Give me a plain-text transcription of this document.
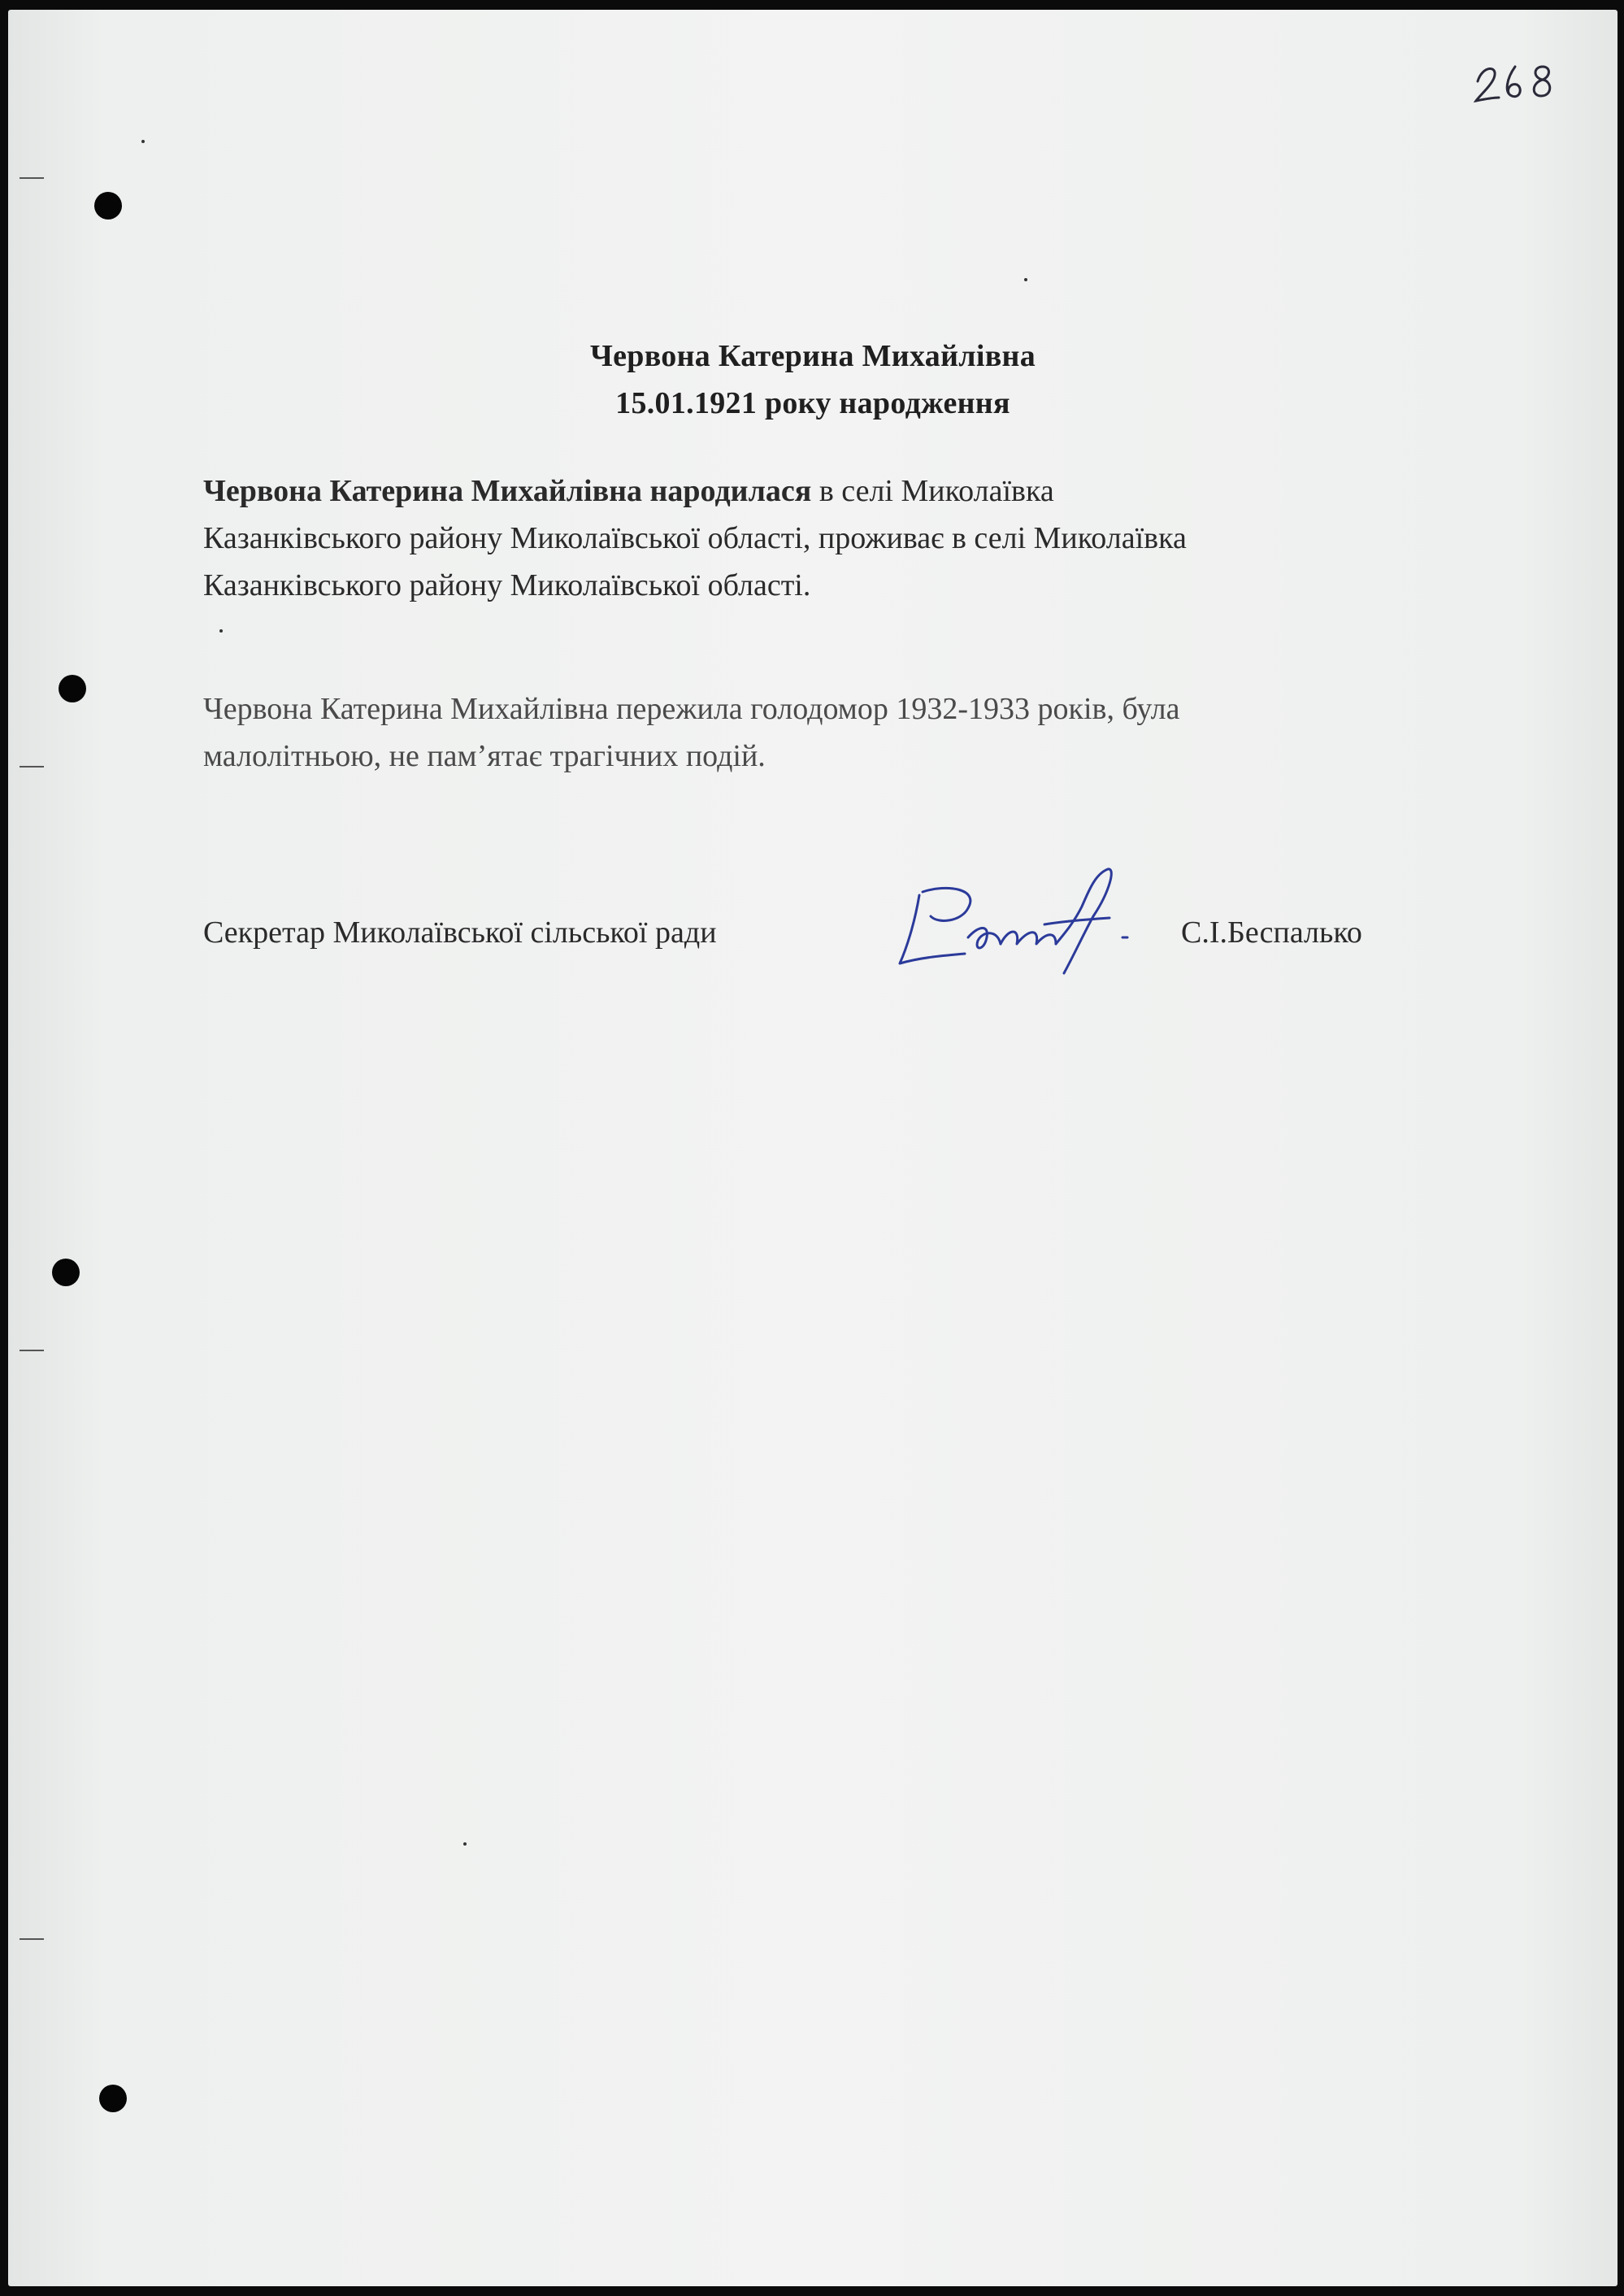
Червона Катерина Михайлівна
15.01.1921 року народження
Червона Катерина Михайлівна народилася в селі Миколаївка
Казанківського району Миколаївської області, проживає в селі Миколаївка
Казанківського району Миколаївської області.
Червона Катерина Михайлівна пережила голодомор 1932-1933 років, була
малолітньою, не пам’ятає трагічних подій.
Секретар Миколаївської сільської ради	С.І.Беспалько
